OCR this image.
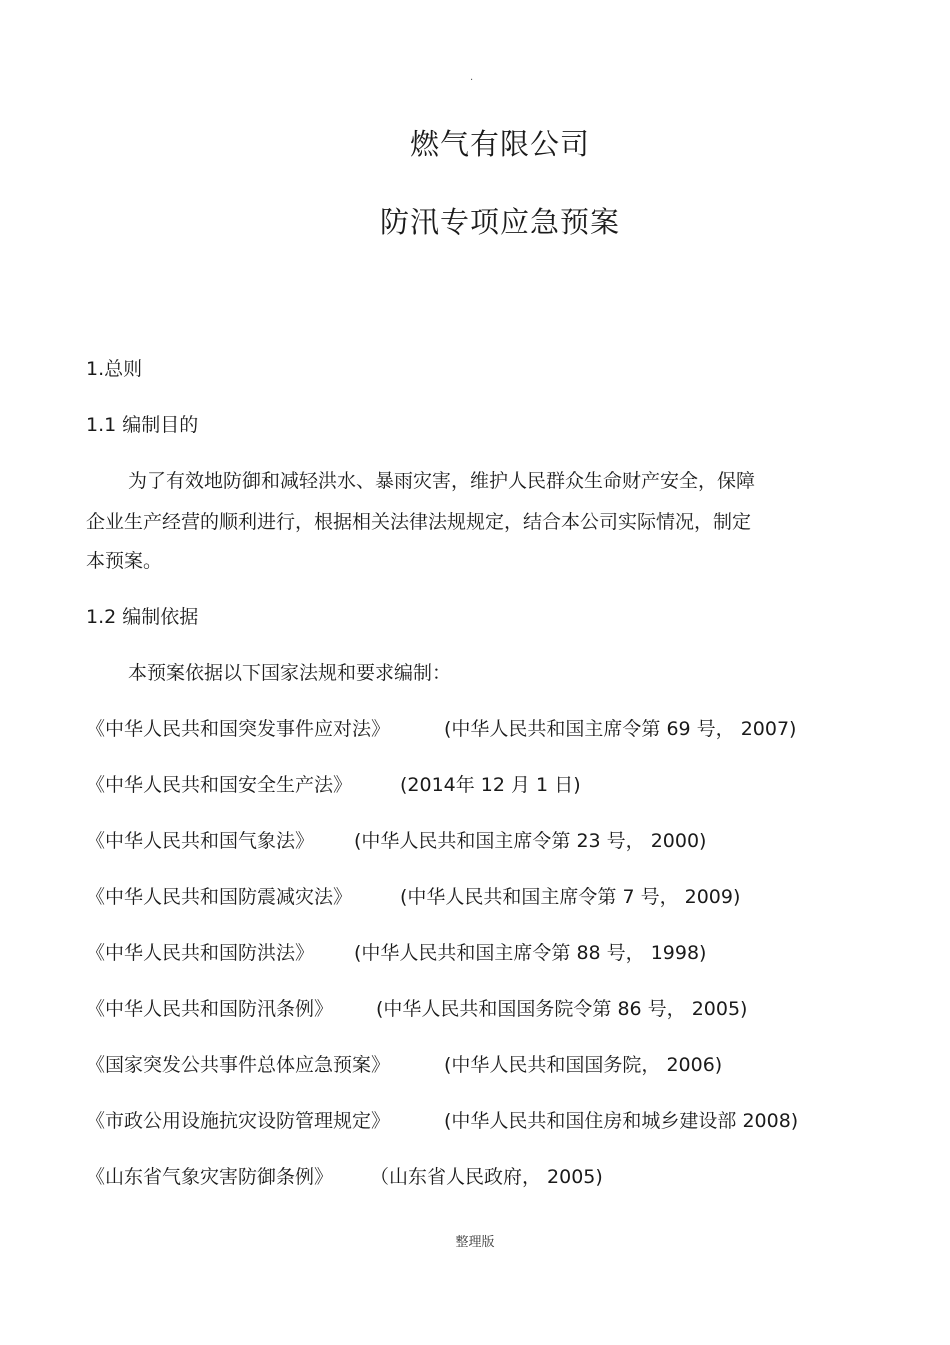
.
燃气有限公司
防汛专项应急预案
1.总则
1.1 编制目的
为了有效地防御和减轻洪水、暴雨灾害，维护人民群众生命财产安全，保障
企业生产经营的顺利进行，根据相关法律法规规定，结合本公司实际情况，制定
本预案。
1.2 编制依据
本预案依据以下国家法规和要求编制：
《中华人民共和国突发事件应对法》	(中华人民共和国主席令第 69 号， 2007)
《中华人民共和国安全生产法》	(2014年 12 月 1 日)
《中华人民共和国气象法》 (中华人民共和国主席令第 23 号， 2000)
《中华人民共和国防震减灾法》	(中华人民共和国主席令第 7 号， 2009)
《中华人民共和国防洪法》 (中华人民共和国主席令第 88 号， 1998)
《中华人民共和国防汛条例》 (中华人民共和国国务院令第 86 号， 2005)
《国家突发公共事件总体应急预案》	(中华人民共和国国务院， 2006)
《市政公用设施抗灾设防管理规定》	(中华人民共和国住房和城乡建设部 2008)
《山东省气象灾害防御条例》 （山东省人民政府， 2005)
整理版
